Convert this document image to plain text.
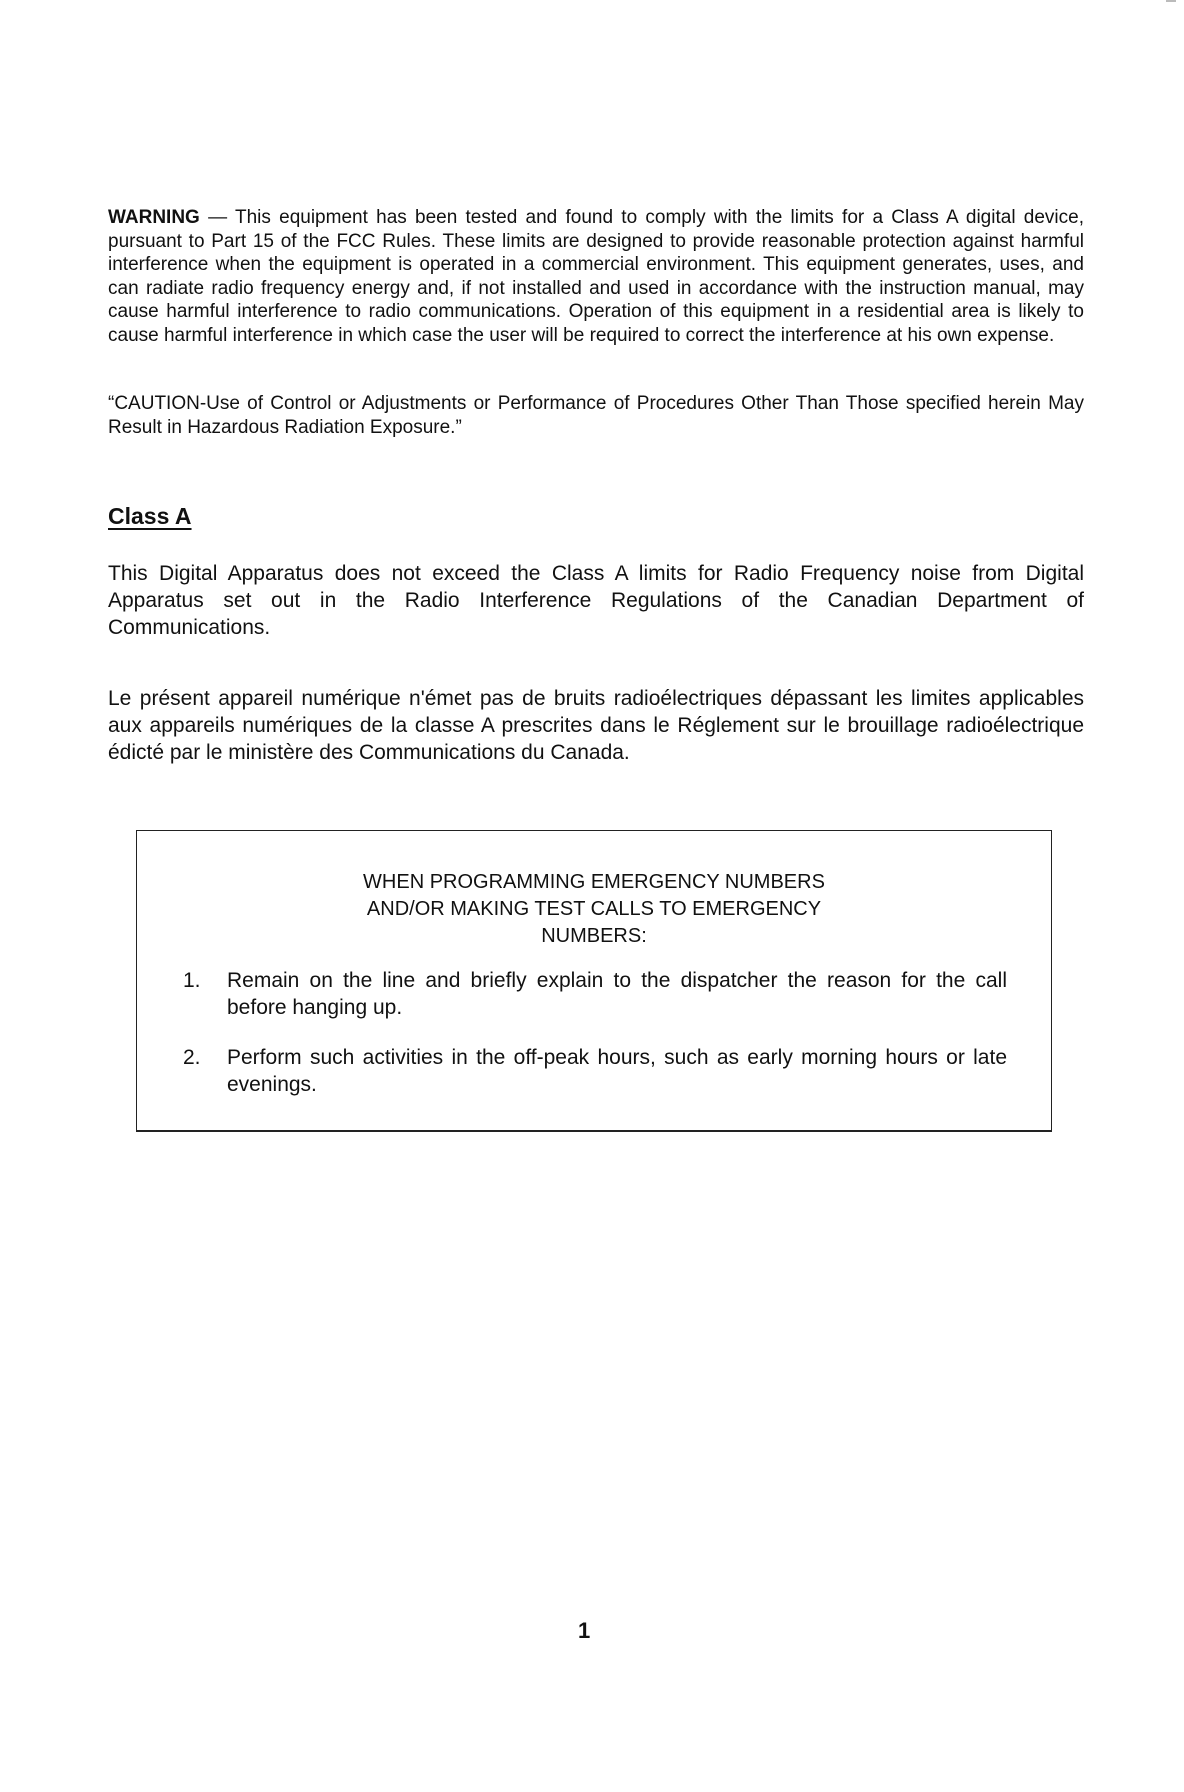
WARNING — This equipment has been tested and found to comply with the limits for a Class A digital device, pursuant to Part 15 of the FCC Rules. These limits are designed to provide reasonable protection against harmful interference when the equipment is operated in a commercial environment. This equipment generates, uses, and can radiate radio frequency energy and, if not installed and used in accordance with the instruction manual, may cause harmful interference to radio communications. Operation of this equipment in a residential area is likely to cause harmful interference in which case the user will be required to correct the interference at his own expense.

“CAUTION-Use of Control or Adjustments or Performance of Procedures Other Than Those specified herein May Result in Hazardous Radiation Exposure.”

Class A

This Digital Apparatus does not exceed the Class A limits for Radio Frequency noise from Digital Apparatus set out in the Radio Interference Regulations of the Canadian Department of Communications.

Le présent appareil numérique n'émet pas de bruits radioélectriques dépassant les limites applicables aux appareils numériques de la classe A prescrites dans le Réglement sur le brouillage radioélectrique édicté par le ministère des Communications du Canada.

WHEN PROGRAMMING EMERGENCY NUMBERS
AND/OR MAKING TEST CALLS TO EMERGENCY
NUMBERS:
1.	Remain on the line and briefly explain to the dispatcher the reason for the call before hanging up.
2.	Perform such activities in the off-peak hours, such as early morning hours or late evenings.
1
